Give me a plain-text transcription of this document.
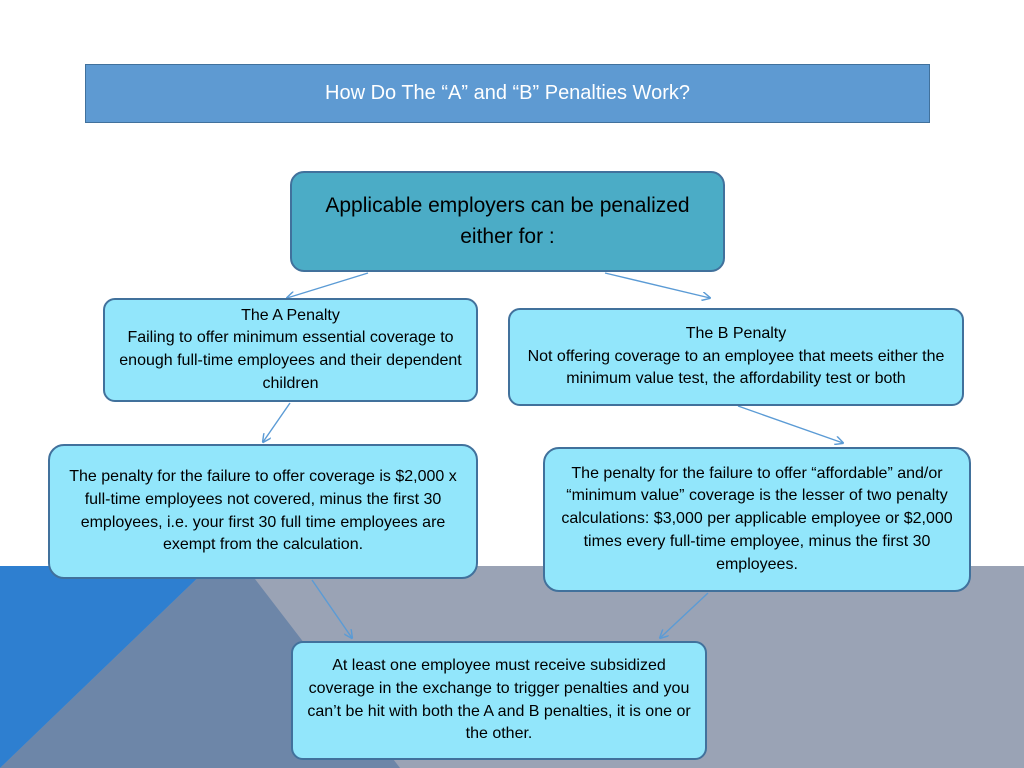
How Do The “A” and “B” Penalties Work?
Applicable employers can be penalized either for :
The A Penalty
Failing to offer minimum essential coverage to enough full-time employees and their dependent children
The B Penalty
Not offering coverage to an employee that meets either the minimum value test, the affordability test or both
The penalty for the failure to offer coverage is $2,000 x full-time employees not covered, minus the first 30 employees, i.e. your first 30 full time employees are exempt from the calculation.
The penalty for the failure to offer “affordable” and/or “minimum value” coverage is the lesser of two penalty calculations: $3,000 per applicable employee or $2,000 times every full-time employee, minus the first 30 employees.
At least one employee must receive subsidized coverage in the exchange to trigger penalties and you can’t be hit with both the A and B penalties, it is one or the other.
